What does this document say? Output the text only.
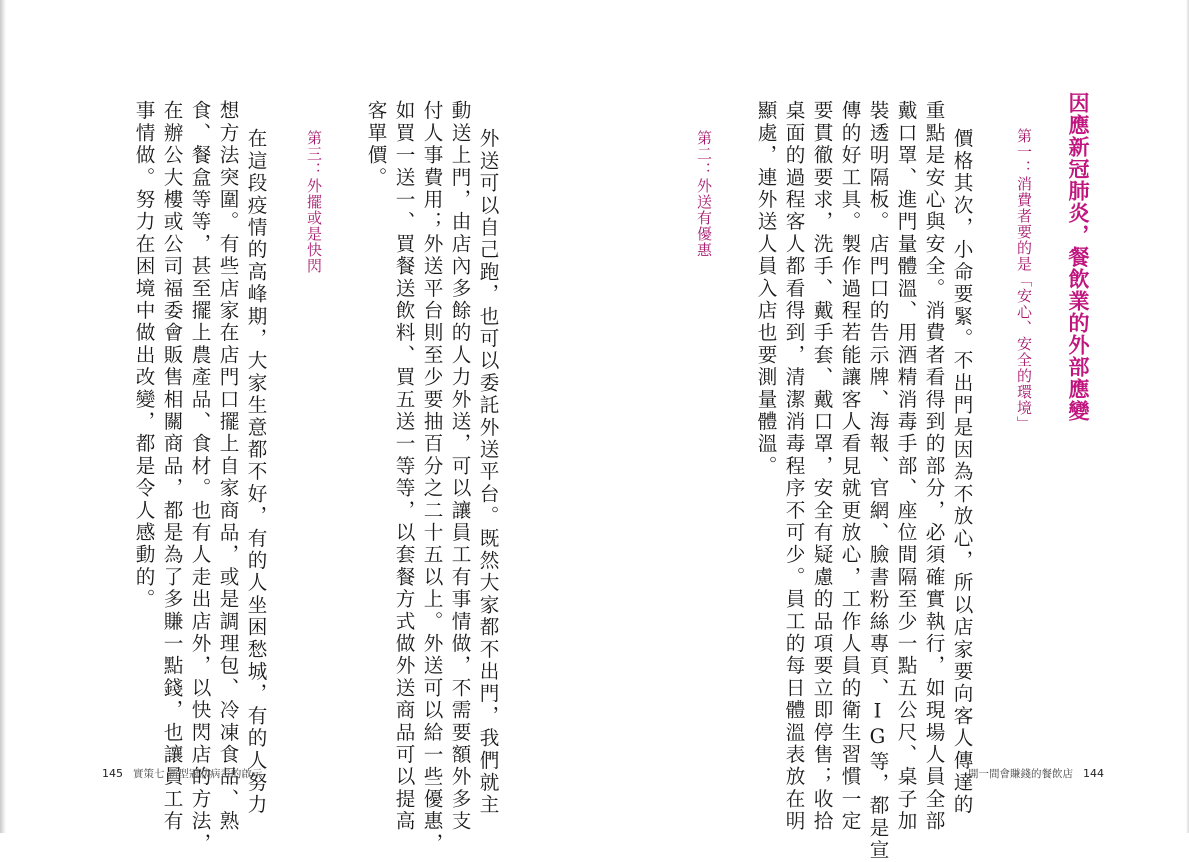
因應新冠肺炎，餐飲業的外部應變
第一：消費者要的是「安心、安全的環境」
價格其次，小命要緊。不出門是因為不放心，所以店家要向客人傳達的
重點是安心與安全。消費者看得到的部分，必須確實執行，如現場人員全部
戴口罩、進門量體溫、用酒精消毒手部、座位間隔至少一點五公尺、桌子加
裝透明隔板。店門口的告示牌、海報、官網、臉書粉絲專頁、IG等，都是宣
傳的好工具。製作過程若能讓客人看見就更放心，工作人員的衛生習慣一定
要貫徹要求，洗手、戴手套、戴口罩，安全有疑慮的品項要立即停售；收拾
桌面的過程客人都看得到，清潔消毒程序不可少。員工的每日體溫表放在明
顯處，連外送人員入店也要測量體溫。
第二：外送有優惠
開一間會賺錢的餐飲店 144
外送可以自己跑，也可以委託外送平台。既然大家都不出門，我們就主
動送上門，由店內多餘的人力外送，可以讓員工有事情做，不需要額外多支
付人事費用；外送平台則至少要抽百分之二十五以上。外送可以給一些優惠，
如買一送一、買餐送飲料、買五送一等等，以套餐方式做外送商品可以提高
客單價。
第三：外擺或是快閃
在這段疫情的高峰期，大家生意都不好，有的人坐困愁城，有的人努力
想方法突圍。有些店家在店門口擺上自家商品，或是調理包、冷凍食品、熟
食、餐盒等等，甚至擺上農產品、食材。也有人走出店外，以快閃店的方法，
在辦公大樓或公司福委會販售相關商品，都是為了多賺一點錢，也讓員工有
事情做。努力在困境中做出改變，都是令人感動的。
145 實策七 新型冠狀病毒的啟示
